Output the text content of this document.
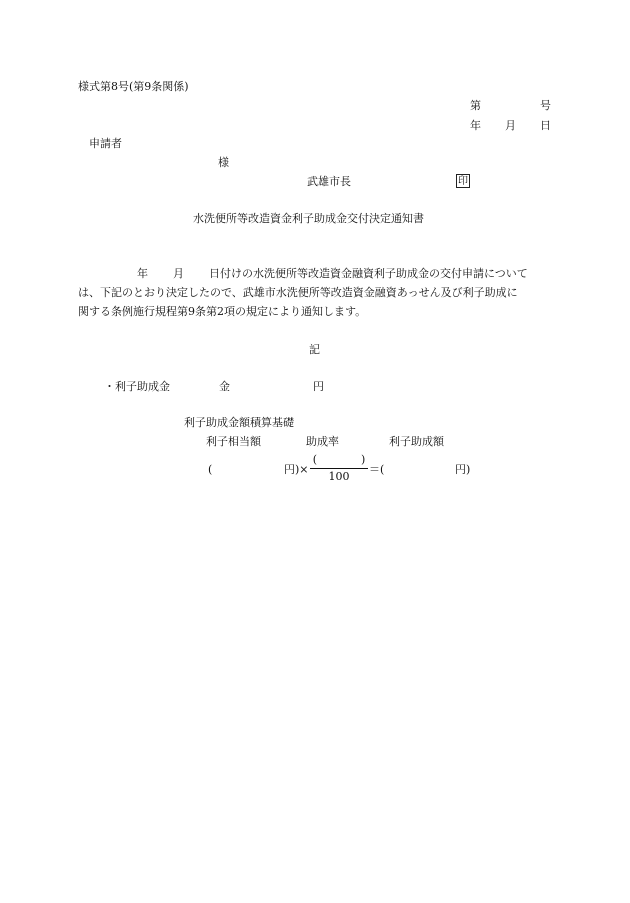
様式第8号(第9条関係)
第	号
年 月 日
申請者
様
武雄市長	印
水洗便所等改造資金利子助成金交付決定通知書
年 月 日付けの水洗便所等改造資金融資利子助成金の交付申請について
は、下記のとおり決定したので、武雄市水洗便所等改造資金融資あっせん及び利子助成に
関する条例施行規程第9条第2項の規定により通知します。
記
・利子助成金	金	円
利子助成金額積算基礎
利子相当額	助成率	利子助成額
(	円)×
(　　　　)
100
＝(	円)
